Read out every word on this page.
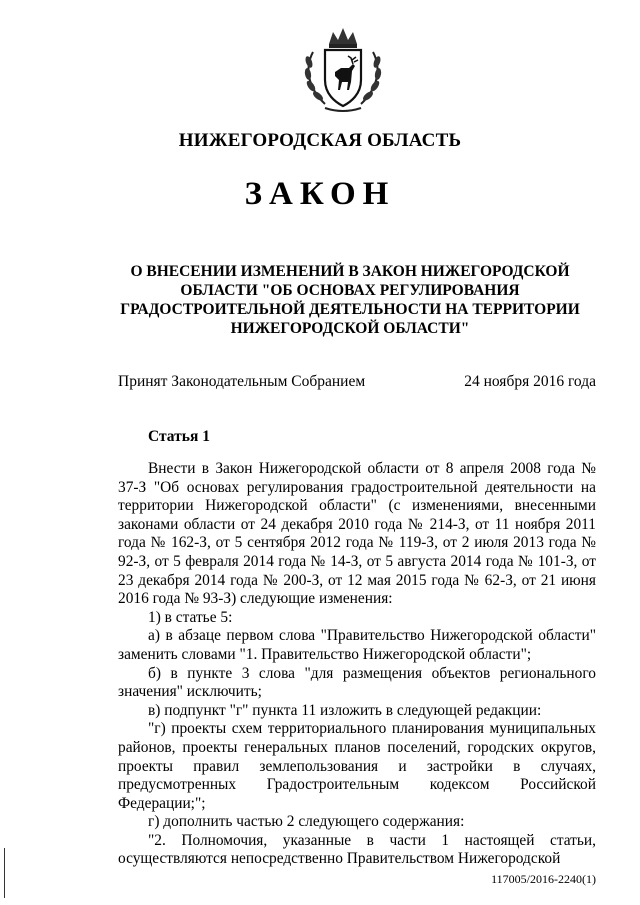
НИЖЕГОРОДСКАЯ ОБЛАСТЬ
ЗАКОН
О ВНЕСЕНИИ ИЗМЕНЕНИЙ В ЗАКОН НИЖЕГОРОДСКОЙ ОБЛАСТИ "ОБ ОСНОВАХ РЕГУЛИРОВАНИЯ ГРАДОСТРОИТЕЛЬНОЙ ДЕЯТЕЛЬНОСТИ НА ТЕРРИТОРИИ НИЖЕГОРОДСКОЙ ОБЛАСТИ"
Принят Законодательным Собранием	24 ноября 2016 года
Статья 1

Внести в Закон Нижегородской области от 8 апреля 2008 года № 37-З "Об основах регулирования градостроительной деятельности на территории Нижегородской области" (с изменениями, внесенными законами области от 24 декабря 2010 года № 214-З, от 11 ноября 2011 года № 162-З, от 5 сентября 2012 года № 119-З, от 2 июля 2013 года № 92-З, от 5 февраля 2014 года № 14-З, от 5 августа 2014 года № 101-З, от 23 декабря 2014 года № 200-З, от 12 мая 2015 года № 62-З, от 21 июня 2016 года № 93-З) следующие изменения:

1) в статье 5:

а) в абзаце первом слова "Правительство Нижегородской области" заменить словами "1. Правительство Нижегородской области";

б) в пункте 3 слова "для размещения объектов регионального значения" исключить;

в) подпункт "г" пункта 11 изложить в следующей редакции:

"г) проекты схем территориального планирования муниципальных районов, проекты генеральных планов поселений, городских округов, проекты правил землепользования и застройки в случаях, предусмотренных Градостроительным кодексом Российской Федерации;";

г) дополнить частью 2 следующего содержания:

"2. Полномочия, указанные в части 1 настоящей статьи, осуществляются непосредственно Правительством Нижегородской

117005/2016-2240(1)
